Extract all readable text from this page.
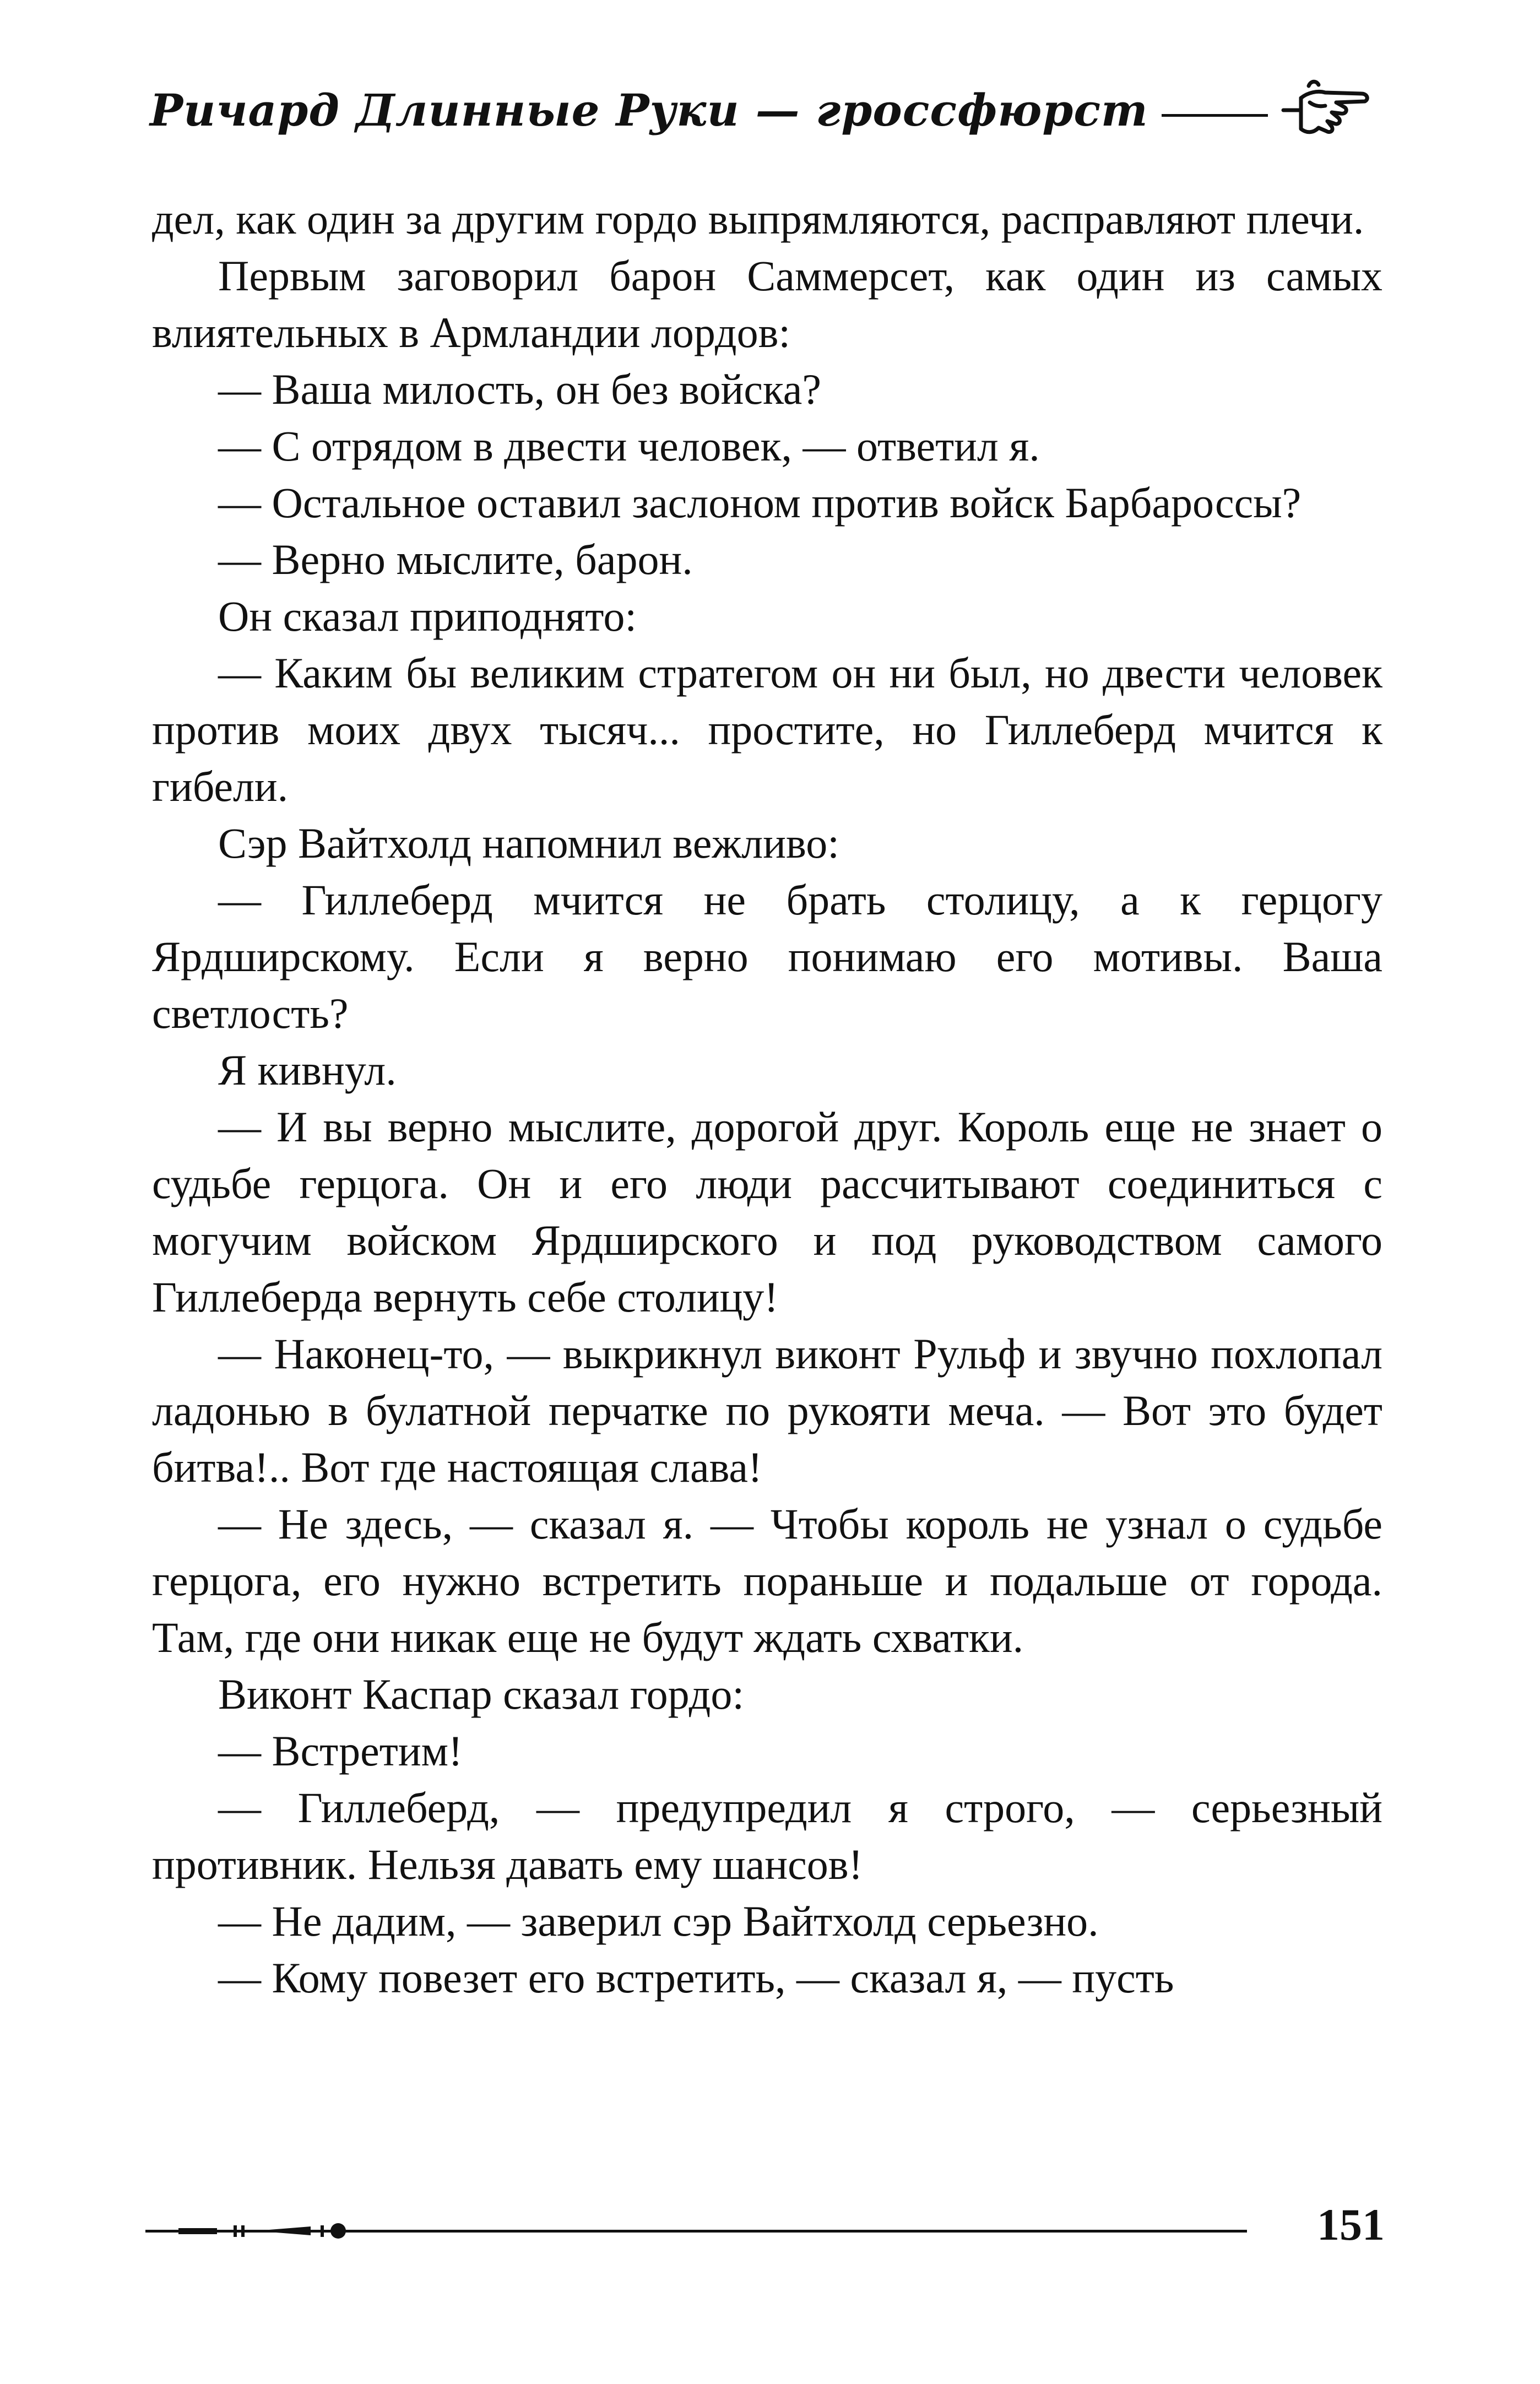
Ричард Длинные Руки — гроссфюрст

дел, как один за другим гордо выпрямляются, расправляют плечи.

Первым заговорил барон Саммерсет, как один из самых влиятельных в Армландии лордов:

— Ваша милость, он без войска?

— С отрядом в двести человек, — ответил я.

— Остальное оставил заслоном против войск Барбароссы?

— Верно мыслите, барон.

Он сказал приподнято:

— Каким бы великим стратегом он ни был, но двести человек против моих двух тысяч... простите, но Гиллеберд мчится к гибели.

Сэр Вайтхолд напомнил вежливо:

— Гиллеберд мчится не брать столицу, а к герцогу Ярдширскому. Если я верно понимаю его мотивы. Ваша светлость?

Я кивнул.

— И вы верно мыслите, дорогой друг. Король еще не знает о судьбе герцога. Он и его люди рассчитывают соединиться с могучим войском Ярдширского и под руководством самого Гиллеберда вернуть себе столицу!

— Наконец-то, — выкрикнул виконт Рульф и звучно похлопал ладонью в булатной перчатке по рукояти меча. — Вот это будет битва!.. Вот где настоящая слава!

— Не здесь, — сказал я. — Чтобы король не узнал о судьбе герцога, его нужно встретить пораньше и подальше от города. Там, где они никак еще не будут ждать схватки.

Виконт Каспар сказал гордо:

— Встретим!

— Гиллеберд, — предупредил я строго, — серьезный противник. Нельзя давать ему шансов!

— Не дадим, — заверил сэр Вайтхолд серьезно.

— Кому повезет его встретить, — сказал я, — пусть

151
